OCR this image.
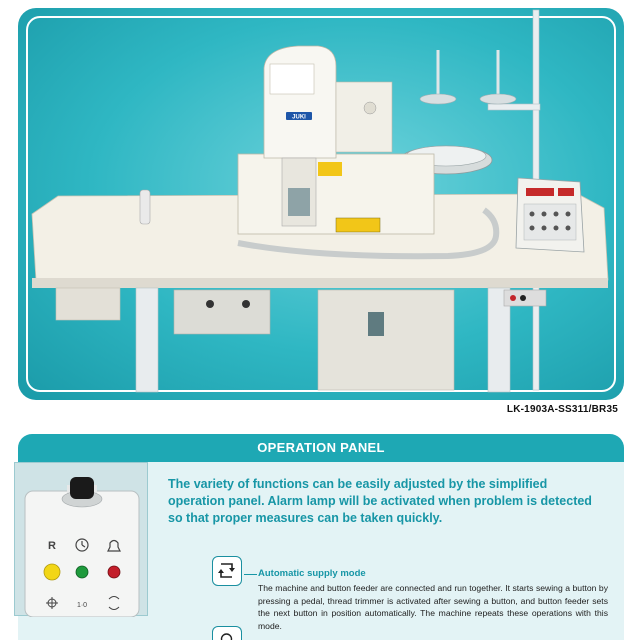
JUKI
LK-1903A-SS311/BR35
OPERATION PANEL
R
1·0
The variety of functions can be easily adjusted by the simplified operation panel. Alarm lamp will be activated when problem is detected so that proper measures can be taken quickly.
Automatic supply mode
The machine and button feeder are connected and run together. It starts sewing a button by pressing a pedal, thread trimmer is activated after sewing a button, and button feeder sets the next button in position automatically. The machine repeats these operations with this mode.
